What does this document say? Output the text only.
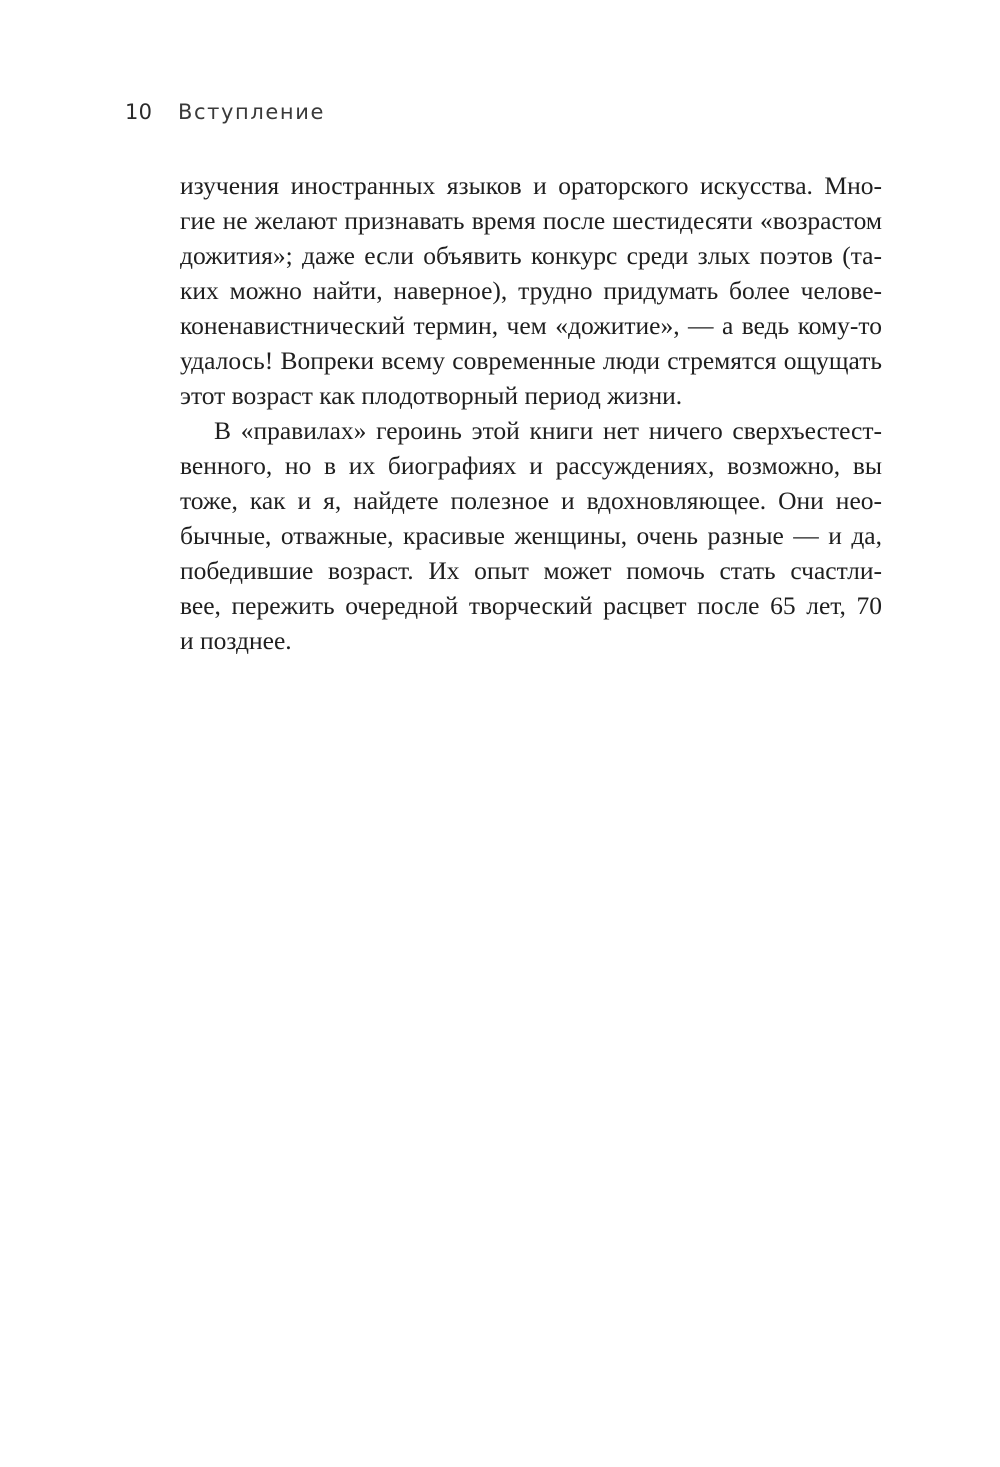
10	Вступление
изучения иностранных языков и ораторского искусства. Мно-
гие не желают признавать время после шестидесяти «возрастом
дожития»; даже если объявить конкурс среди злых поэтов (та-
ких можно найти, наверное), трудно придумать более челове-
коненавистнический термин, чем «дожитие», — а ведь кому-то
удалось! Вопреки всему современные люди стремятся ощущать
этот возраст как плодотворный период жизни.
В «правилах» героинь этой книги нет ничего сверхъестест-
венного, но в их биографиях и рассуждениях, возможно, вы
тоже, как и я, найдете полезное и вдохновляющее. Они нео-
бычные, отважные, красивые женщины, очень разные — и да,
победившие возраст. Их опыт может помочь стать счастли-
вее, пережить очередной творческий расцвет после 65 лет, 70
и позднее.
